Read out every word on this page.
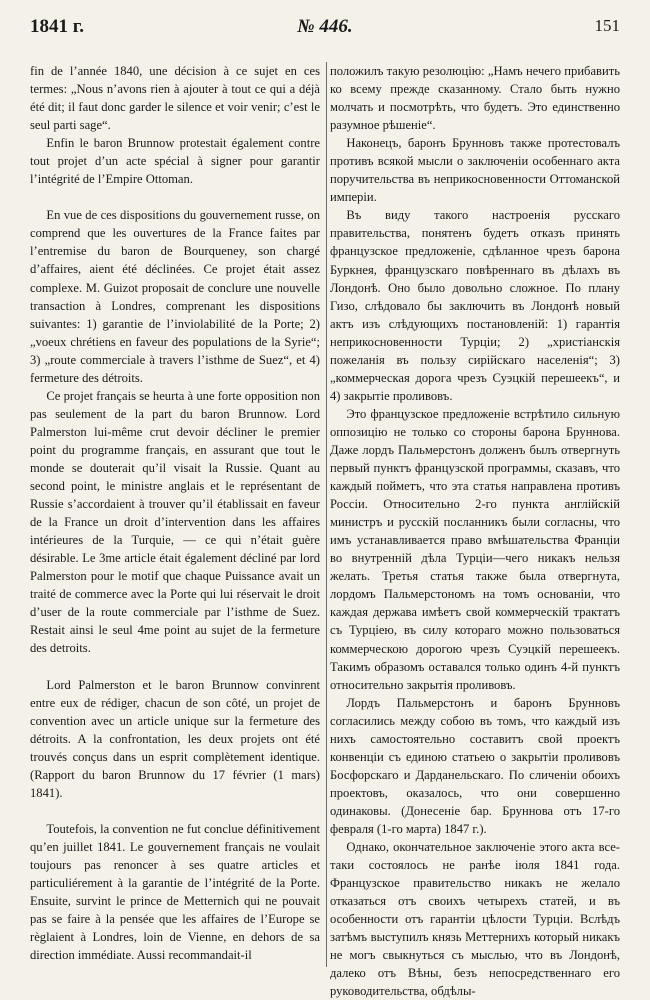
1841 г.	№ 446.	151

fin de l’année 1840, une décision à ce sujet en ces termes: „Nous n’avons rien à ajouter à tout ce qui a déjà été dit; il faut donc garder le silence et voir venir; c’est le seul parti sage“.

Enfin le baron Brunnow protestait également contre tout projet d’un acte spécial à signer pour garantir l’intégrité de l’Empire Ottoman.

En vue de ces dispositions du gouvernement russe, on comprend que les ouvertures de la France faites par l’entremise du baron de Bourqueney, son chargé d’affaires, aient été déclinées. Ce projet était assez complexe. M. Guizot proposait de conclure une nouvelle transaction à Londres, comprenant les dispositions suivantes: 1) garantie de l’inviolabilité de la Porte; 2) „voeux chrétiens en faveur des populations de la Syrie“; 3) „route commerciale à travers l’isthme de Suez“, et 4) fermeture des détroits.

Ce projet français se heurta à une forte opposition non pas seulement de la part du baron Brunnow. Lord Palmerston lui-même crut devoir décliner le premier point du programme français, en assurant que tout le monde se douterait qu’il visait la Russie. Quant au second point, le ministre anglais et le représentant de Russie s’accordaient à trouver qu’il établissait en faveur de la France un droit d’intervention dans les affaires intérieures de la Turquie, — ce qui n’était guère désirable. Le 3me article était également décliné par lord Palmerston pour le motif que chaque Puissance avait un traité de commerce avec la Porte qui lui réservait le droit d’user de la route commerciale par l’isthme de Suez. Restait ainsi le seul 4me point au sujet de la fermeture des detroits.

Lord Palmerston et le baron Brunnow convinrent entre eux de rédiger, chacun de son côté, un projet de convention avec un article unique sur la fermeture des détroits. A la confrontation, les deux projets ont été trouvés conçus dans un esprit complètement identique. (Rapport du baron Brunnow du 17 février (1 mars) 1841).

Toutefois, la convention ne fut conclue définitivement qu’en juillet 1841. Le gouvernement français ne voulait toujours pas renoncer à ses quatre articles et particuliérement à la garantie de l’intégrité de la Porte. Ensuite, survint le prince de Metternich qui ne pouvait pas se faire à la pensée que les affaires de l’Europe se règlaient à Londres, loin de Vienne, en dehors de sa direction immédiate. Aussi recommandait-il

положилъ такую резолюцію: „Намъ нечего прибавить ко всему прежде сказанному. Стало быть нужно молчать и посмотрѣть, что будетъ. Это единственно разумное рѣшеніе“.

Наконецъ, баронъ Брунновъ также протестовалъ противъ всякой мысли о заключеніи особеннаго акта поручительства въ неприкосновенности Оттоманской имперіи.

Въ виду такого настроенія русскаго правительства, понятенъ будетъ отказъ принять французское предложеніе, сдѣланное чрезъ барона Буркнея, французскаго повѣреннаго въ дѣлахъ въ Лондонѣ. Оно было довольно сложное. По плану Гизо, слѣдовало бы заключить въ Лондонѣ новый актъ изъ слѣдующихъ постановленій: 1) гарантія неприкосновенности Турціи; 2) „христіанскія пожеланія въ пользу сирійскаго населенія“; 3) „коммерческая дорога чрезъ Суэцкій перешеекъ“, и 4) закрытіе проливовъ.

Это французское предложеніе встрѣтило сильную оппозицію не только со стороны барона Бруннова. Даже лордъ Пальмерстонъ долженъ былъ отвергнуть первый пунктъ французской программы, сказавъ, что каждый пойметъ, что эта статья направлена противъ Россіи. Относительно 2-го пункта англійскій министръ и русскій посланникъ были согласны, что имъ устанавливается право вмѣшательства Франціи во внутренній дѣла Турціи—чего никакъ нельзя желать. Третья статья также была отвергнута, лордомъ Пальмерстономъ на томъ основаніи, что каждая держава имѣетъ свой коммерческій трактатъ съ Турціею, въ силу котораго можно пользоваться коммерческою дорогою чрезъ Суэцкій перешеекъ. Такимъ образомъ оставался только одинъ 4-й пунктъ относительно закрытія проливовъ.

Лордъ Пальмерстонъ и баронъ Брунновъ согласились между собою въ томъ, что каждый изъ нихъ самостоятельно составитъ свой проектъ конвенціи съ единою статьею о закрытіи проливовъ Босфорскаго и Дарданельскаго. По сличеніи обоихъ проектовъ, оказалось, что они совершенно одинаковы. (Донесеніе бар. Бруннова отъ 17-го февраля (1-го марта) 1847 г.).

Однако, окончательное заключеніе этого акта все-таки состоялось не ранѣе іюля 1841 года. Французское правительство никакъ не желало отказаться отъ своихъ четырехъ статей, и въ особенности отъ гарантіи цѣлости Турціи. Вслѣдъ затѣмъ выступилъ князь Меттернихъ который никакъ не могъ свыкнуться съ мыслью, что въ Лондонѣ, далеко отъ Вѣны, безъ непосредственнаго его руководительства, обдѣлы-
